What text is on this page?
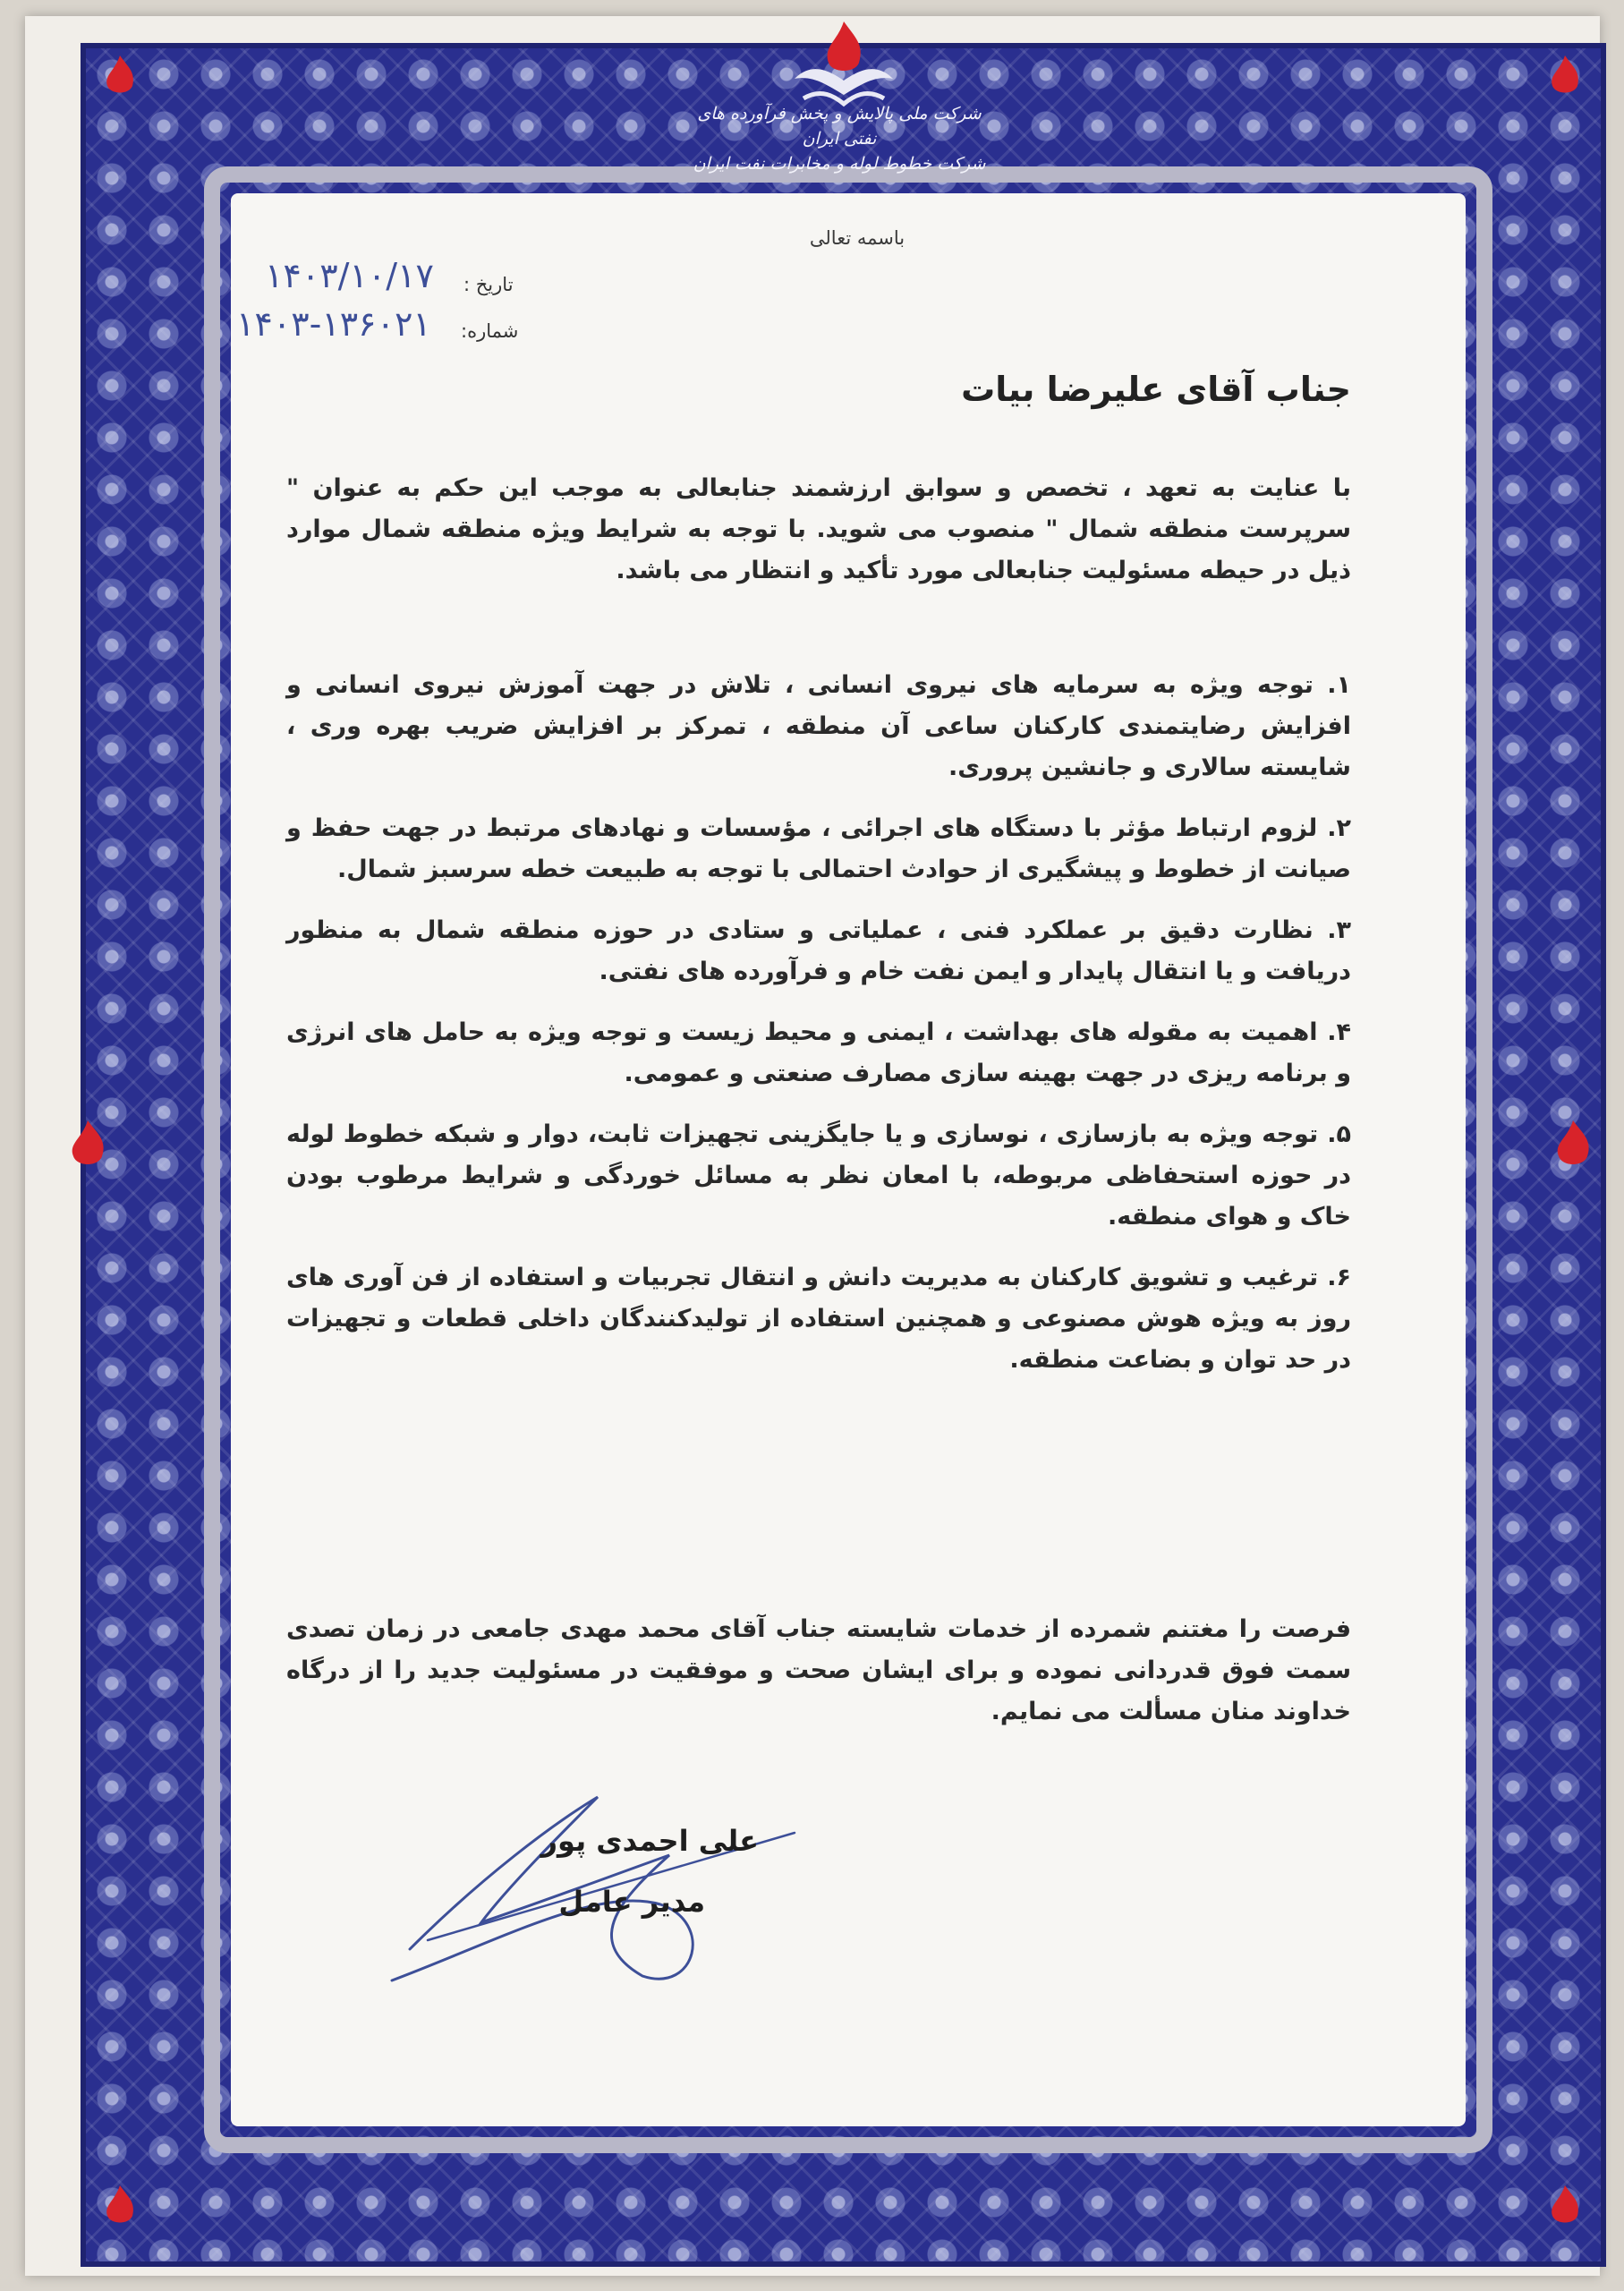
شرکت ملی پالایش و پخش فرآورده های نفتی ایران
شرکت خطوط لوله و مخابرات نفت ایران
باسمه تعالی
تاریخ :
۱۴۰۳/۱۰/۱۷
شماره:
۱۴۰۳-۱۳۶۰۲۱
جناب آقای علیرضا بیات
با عنایت به تعهد ، تخصص و سوابق ارزشمند جنابعالی به موجب این حکم به عنوان " سرپرست منطقه شمال " منصوب می شوید. با توجه به شرایط ویژه منطقه شمال موارد ذیل در حیطه مسئولیت جنابعالی مورد تأکید و انتظار می باشد.
۱. توجه ویژه به سرمایه های نیروی انسانی ، تلاش در جهت آموزش نیروی انسانی و افزایش رضایتمندی کارکنان ساعی آن منطقه ، تمرکز بر افزایش ضریب بهره وری ، شایسته سالاری و جانشین پروری.
۲. لزوم ارتباط مؤثر با دستگاه های اجرائی ، مؤسسات و نهادهای مرتبط در جهت حفظ و صیانت از خطوط و پیشگیری از حوادث احتمالی با توجه به طبیعت خطه سرسبز شمال.
۳. نظارت دقیق بر عملکرد فنی ، عملیاتی و ستادی در حوزه منطقه شمال به منظور دریافت و یا انتقال پایدار و ایمن نفت خام و فرآورده های نفتی.
۴. اهمیت به مقوله های بهداشت ، ایمنی و محیط زیست و توجه ویژه به حامل های انرژی و برنامه ریزی در جهت بهینه سازی مصارف صنعتی و عمومی.
۵. توجه ویژه به بازسازی ، نوسازی و یا جایگزینی تجهیزات ثابت، دوار و شبکه خطوط لوله در حوزه استحفاظی مربوطه، با امعان نظر به مسائل خوردگی و شرایط مرطوب بودن خاک و هوای منطقه.
۶. ترغیب و تشویق کارکنان به مدیریت دانش و انتقال تجربیات و استفاده از فن آوری های روز به ویژه هوش مصنوعی و همچنین استفاده از تولیدکنندگان داخلی قطعات و تجهیزات در حد توان و بضاعت منطقه.
فرصت را مغتنم شمرده از خدمات شایسته جناب آقای محمد مهدی جامعی در زمان تصدی سمت فوق قدردانی نموده و برای ایشان صحت و موفقیت در مسئولیت جدید را از درگاه خداوند منان مسألت می نمایم.
علی احمدی پور
مدیر عامل
